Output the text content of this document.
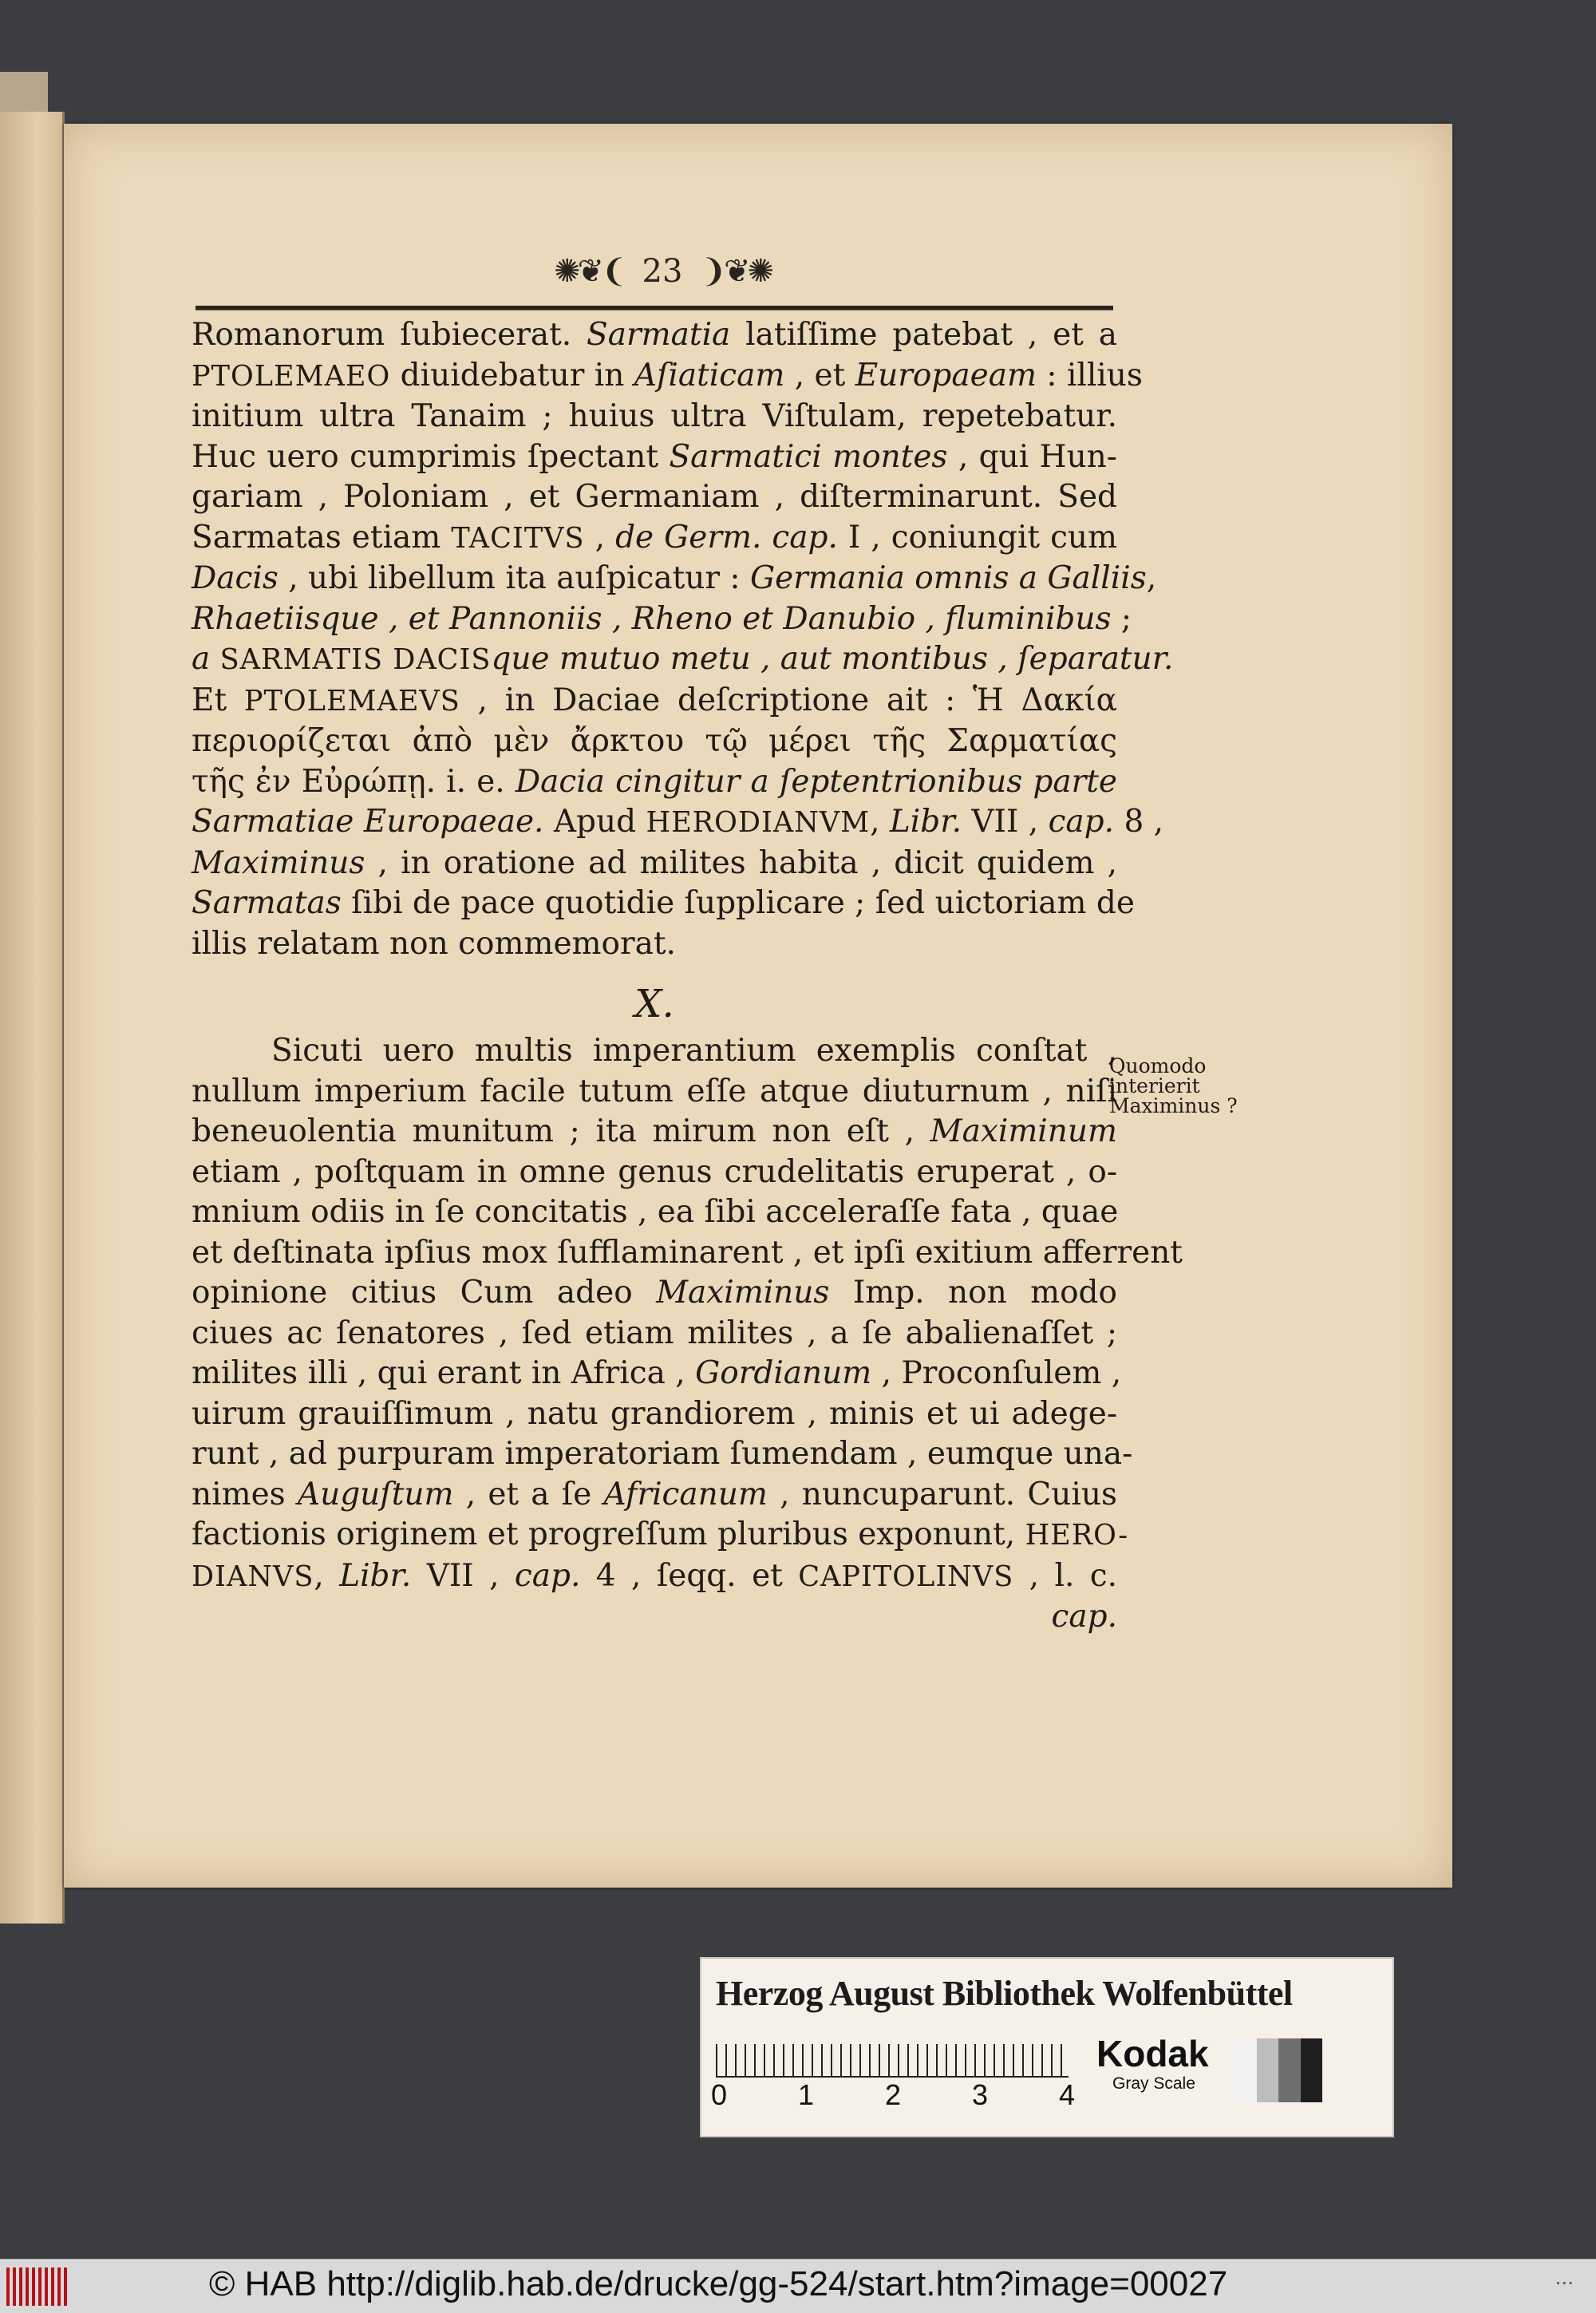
✺❦❨ 23 ❩❦✺
Romanorum ſubiecerat. Sarmatia latiſſime patebat , et a
PTOLEMAEO diuidebatur in Aſiaticam , et Europaeam : illius
initium ultra Tanaim ; huius ultra Viſtulam, repetebatur.
Huc uero cumprimis ſpectant Sarmatici montes , qui Hun-
gariam , Poloniam , et Germaniam , diſterminarunt. Sed
Sarmatas etiam TACITVS , de Germ. cap. I , coniungit cum
Dacis , ubi libellum ita auſpicatur : Germania omnis a Galliis,
Rhaetiisque , et Pannoniis , Rheno et Danubio , fluminibus ;
a SARMATIS DACISque mutuo metu , aut montibus , ſeparatur.
Et PTOLEMAEVS , in Daciae deſcriptione ait : Ἡ Δακία
περιορίζεται ἀπὸ μὲν ἄρκτου τῷ μέρει τῆς Σαρματίας
τῆς ἐν Εὐρώπῃ. i. e. Dacia cingitur a ſeptentrionibus parte
Sarmatiae Europaeae. Apud HERODIANVM, Libr. VII , cap. 8 ,
Maximinus , in oratione ad milites habita , dicit quidem ,
Sarmatas ſibi de pace quotidie ſupplicare ; ſed uictoriam de
illis relatam non commemorat.
X.
Sicuti uero multis imperantium exemplis conſtat ,
nullum imperium facile tutum eſſe atque diuturnum , niſi
beneuolentia munitum ; ita mirum non eſt , Maximinum
etiam , poſtquam in omne genus crudelitatis eruperat , o-
mnium odiis in ſe concitatis , ea ſibi acceleraſſe fata , quae
et deſtinata ipſius mox ſufflaminarent , et ipſi exitium afferrent
opinione citius Cum adeo Maximinus Imp. non modo
ciues ac ſenatores , ſed etiam milites , a ſe abalienaſſet ;
milites illi , qui erant in Africa , Gordianum , Proconſulem ,
uirum grauiſſimum , natu grandiorem , minis et ui adege-
runt , ad purpuram imperatoriam ſumendam , eumque una-
nimes Auguſtum , et a ſe Africanum , nuncuparunt. Cuius
factionis originem et progreſſum pluribus exponunt, HERO-
DIANVS, Libr. VII , cap. 4 , ſeqq. et CAPITOLINVS , l. c.
cap.
Quomodo
interierit
Maximinus ?
Herzog August Bibliothek Wolfenbüttel
0 1 2 3 4
Kodak
Gray Scale
© HAB http://diglib.hab.de/drucke/gg-524/start.htm?image=00027	...
